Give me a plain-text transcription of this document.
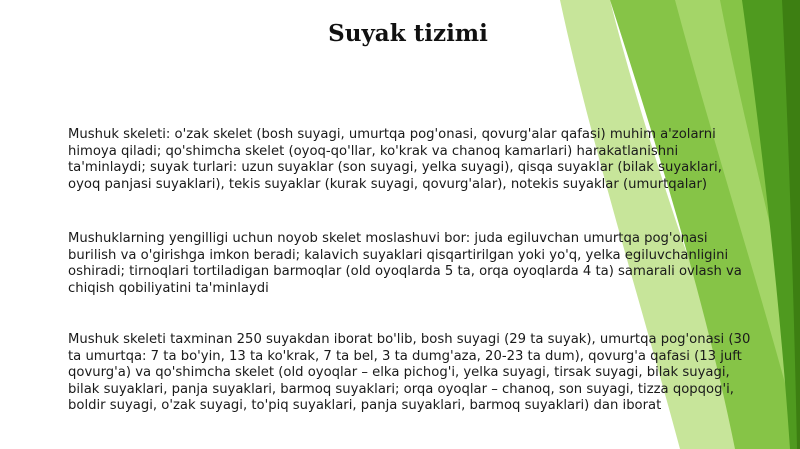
Suyak tizimi

Mushuk skeleti: o'zak skelet (bosh suyagi, umurtqa pog'onasi, qovurg'alar qafasi) muhim a'zolarni himoya qiladi; qo'shimcha skelet (oyoq-qo'llar, ko'krak va chanoq kamarlari) harakatlanishni ta'minlaydi; suyak turlari: uzun suyaklar (son suyagi, yelka suyagi), qisqa suyaklar (bilak suyaklari, oyoq panjasi suyaklari), tekis suyaklar (kurak suyagi, qovurg'alar), notekis suyaklar (umurtqalar)

Mushuklarning yengilligi uchun noyob skelet moslashuvi bor: juda egiluvchan umurtqa pog'onasi burilish va o'girishga imkon beradi; kalavich suyaklari qisqartirilgan yoki yo'q, yelka egiluvchanligini oshiradi; tirnoqlari tortiladigan barmoqlar (old oyoqlarda 5 ta, orqa oyoqlarda 4 ta) samarali ovlash va chiqish qobiliyatini ta'minlaydi

Mushuk skeleti taxminan 250 suyakdan iborat bo'lib, bosh suyagi (29 ta suyak), umurtqa pog'onasi (30 ta umurtqa: 7 ta bo'yin, 13 ta ko'krak, 7 ta bel, 3 ta dumg'aza, 20-23 ta dum), qovurg'a qafasi (13 juft qovurg'a) va qo'shimcha skelet (old oyoqlar – elka pichog'i, yelka suyagi, tirsak suyagi, bilak suyagi, bilak suyaklari, panja suyaklari, barmoq suyaklari; orqa oyoqlar – chanoq, son suyagi, tizza qopqog'i, boldir suyagi, o'zak suyagi, to'piq suyaklari, panja suyaklari, barmoq suyaklari) dan iborat
